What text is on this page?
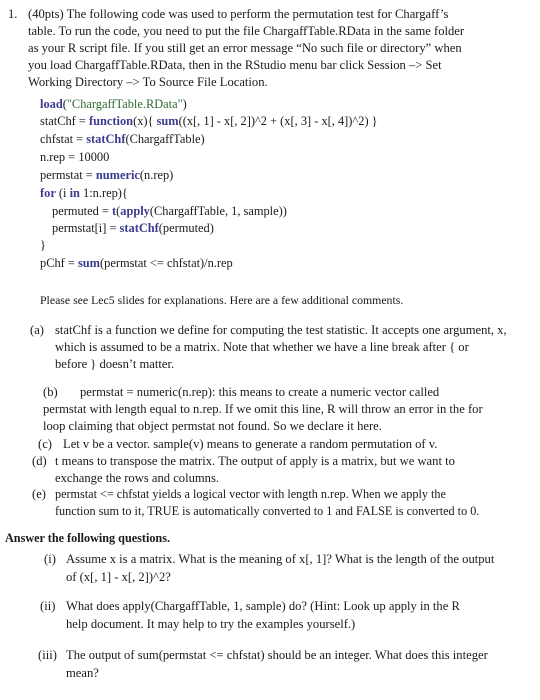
1. (40pts) The following code was used to perform the permutation test for Chargaff’s
table. To run the code, you need to put the file ChargaffTable.RData in the same folder
as your R script file. If you still get an error message “No such file or directory” when
you load ChargaffTable.RData, then in the RStudio menu bar click Session –> Set
Working Directory –> To Source File Location.
load("ChargaffTable.RData")
statChf = function(x){ sum((x[, 1] - x[, 2])^2 + (x[, 3] - x[, 4])^2) }
chfstat = statChf(ChargaffTable)
n.rep = 10000
permstat = numeric(n.rep)
for (i in 1:n.rep){
permuted = t(apply(ChargaffTable, 1, sample))
permstat[i] = statChf(permuted)
}
pChf = sum(permstat <= chfstat)/n.rep
Please see Lec5 slides for explanations. Here are a few additional comments.
(a) statChf is a function we define for computing the test statistic. It accepts one argument, x,
which is assumed to be a matrix. Note that whether we have a line break after { or
before } doesn’t matter.
(b) permstat = numeric(n.rep): this means to create a numeric vector called
permstat with length equal to n.rep. If we omit this line, R will throw an error in the for
loop claiming that object permstat not found. So we declare it here.
(c) Let v be a vector. sample(v) means to generate a random permutation of v.
(d) t means to transpose the matrix. The output of apply is a matrix, but we want to
exchange the rows and columns.
(e) permstat <= chfstat yields a logical vector with length n.rep. When we apply the
function sum to it, TRUE is automatically converted to 1 and FALSE is converted to 0.
Answer the following questions.
(i) Assume x is a matrix. What is the meaning of x[, 1]? What is the length of the output
of (x[, 1] - x[, 2])^2?
(ii) What does apply(ChargaffTable, 1, sample) do? (Hint: Look up apply in the R
help document. It may help to try the examples yourself.)
(iii) The output of sum(permstat <= chfstat) should be an integer. What does this integer
mean?
